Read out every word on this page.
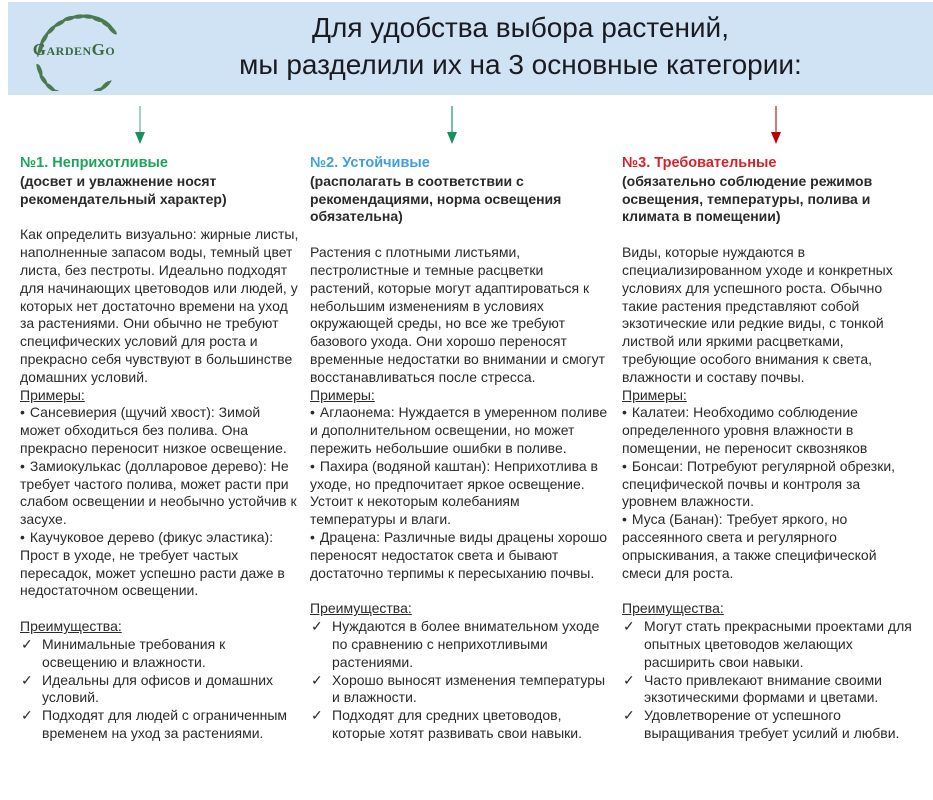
GardenGo
Для удобства выбора растений,
мы разделили их на 3 основные категории:

№1. Неприхотливые

(досвет и увлажнение носят рекомендательный характер)

Как определить визуально: жирные листы, наполненные запасом воды, темный цвет листа, без пестроты. Идеально подходят для начинающих цветоводов или людей, у которых нет достаточно времени на уход за растениями. Они обычно не требуют специфических условий для роста и прекрасно себя чувствуют в большинстве домашних условий.

Примеры:

• Сансевиерия (щучий хвост): Зимой может обходиться без полива. Она прекрасно переносит низкое освещение.

• Замиокулькас (долларовое дерево): Не требует частого полива, может расти при слабом освещении и необычно устойчив к засухе.

• Каучуковое дерево (фикус эластика): Прост в уходе, не требует частых пересадок, может успешно расти даже в недостаточном освещении.

Преимущества:

✓ Минимальные требования к освещению и влажности.
✓ Идеальны для офисов и домашних условий.
✓ Подходят для людей с ограниченным временем на уход за растениями.

№2. Устойчивые

(располагать в соответствии с рекомендациями, норма освещения обязательна)

Растения с плотными листьями, пестролистные и темные расцветки растений, которые могут адаптироваться к небольшим изменениям в условиях окружающей среды, но все же требуют базового ухода. Они хорошо переносят временные недостатки во внимании и смогут восстанавливаться после стресса.

Примеры:

• Аглаонема: Нуждается в умеренном поливе и дополнительном освещении, но может пережить небольшие ошибки в поливе.

• Пахира (водяной каштан): Неприхотлива в уходе, но предпочитает яркое освещение. Устоит к некоторым колебаниям температуры и влаги.

• Драцена: Различные виды драцены хорошо переносят недостаток света и бывают достаточно терпимы к пересыханию почвы.

Преимущества:

✓ Нуждаются в более внимательном уходе по сравнению с неприхотливыми растениями.
✓ Хорошо выносят изменения температуры и влажности.
✓ Подходят для средних цветоводов, которые хотят развивать свои навыки.

№3. Требовательные

(обязательно соблюдение режимов освещения, температуры, полива и климата в помещении)

Виды, которые нуждаются в специализированном уходе и конкретных условиях для успешного роста. Обычно такие растения представляют собой экзотические или редкие виды, с тонкой листвой или яркими расцветками, требующие особого внимания к света, влажности и составу почвы.

Примеры:

• Калатеи: Необходимо соблюдение определенного уровня влажности в помещении, не переносит сквозняков

• Бонсаи: Потребуют регулярной обрезки, специфической почвы и контроля за уровнем влажности.

• Муса (Банан): Требует яркого, но рассеянного света и регулярного опрыскивания, а также специфической смеси для роста.

Преимущества:

✓ Могут стать прекрасными проектами для опытных цветоводов желающих расширить свои навыки.
✓ Часто привлекают внимание своими экзотическими формами и цветами.
✓ Удовлетворение от успешного выращивания требует усилий и любви.
